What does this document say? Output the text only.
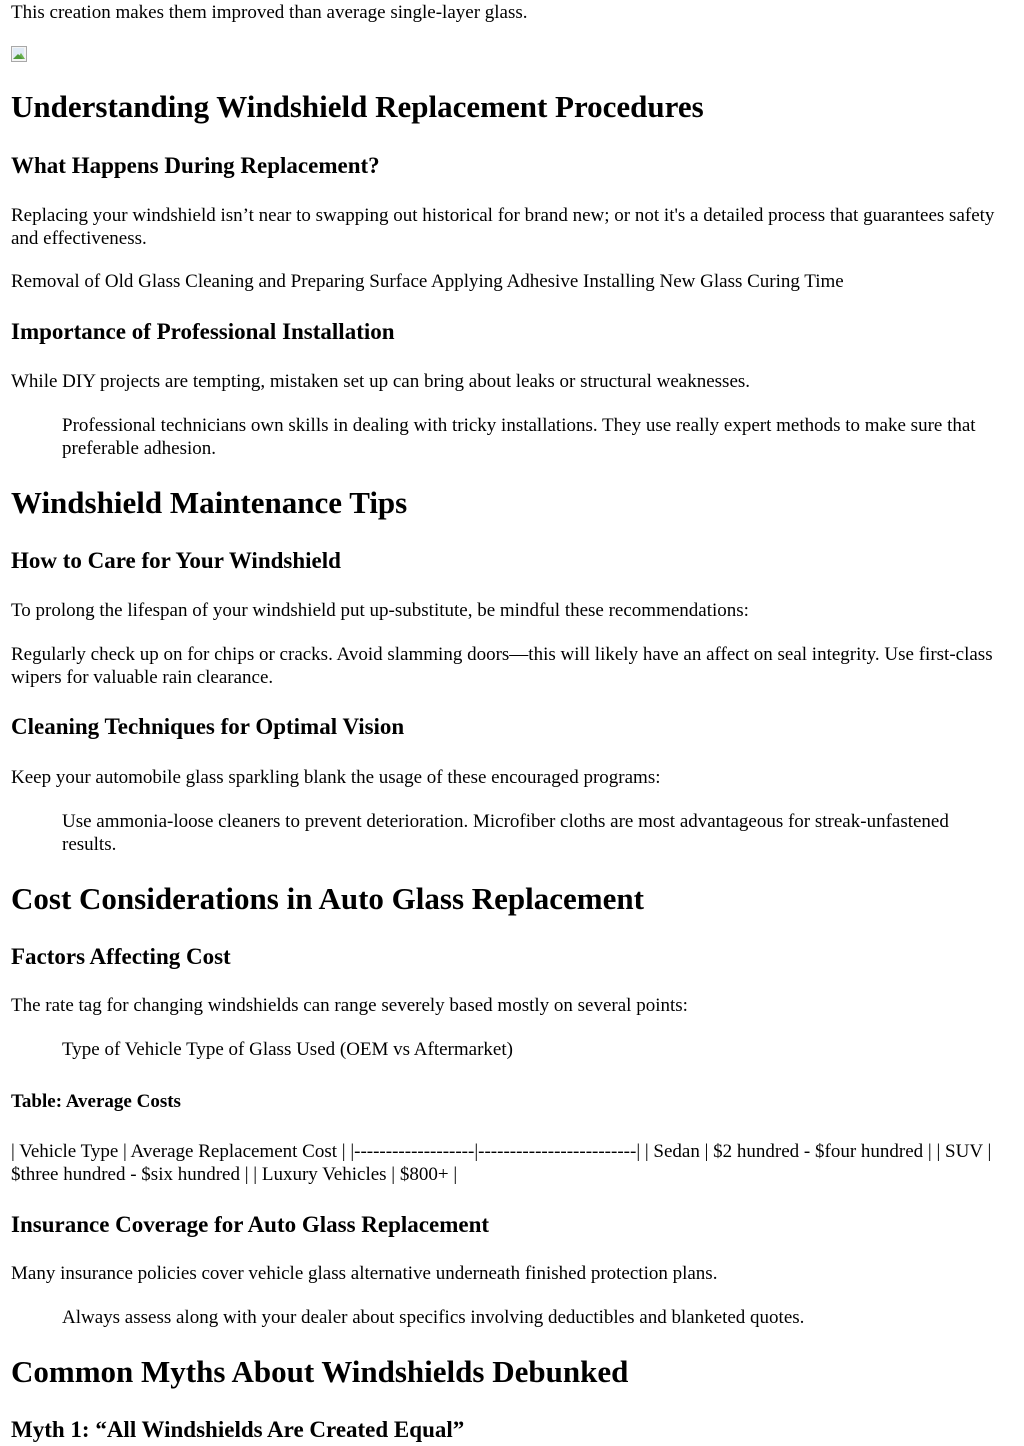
This creation makes them improved than average single-layer glass.

Understanding Windshield Replacement Procedures
What Happens During Replacement?

Replacing your windshield isn’t near to swapping out historical for brand new; or not it's a detailed process that guarantees safety and effectiveness.

Removal of Old Glass Cleaning and Preparing Surface Applying Adhesive Installing New Glass Curing Time

Importance of Professional Installation

While DIY projects are tempting, mistaken set up can bring about leaks or structural weaknesses.

Professional technicians own skills in dealing with tricky installations. They use really expert methods to make sure that preferable adhesion.

Windshield Maintenance Tips
How to Care for Your Windshield

To prolong the lifespan of your windshield put up-substitute, be mindful these recommendations:

Regularly check up on for chips or cracks. Avoid slamming doors—this will likely have an affect on seal integrity. Use first-class wipers for valuable rain clearance.

Cleaning Techniques for Optimal Vision

Keep your automobile glass sparkling blank the usage of these encouraged programs:

Use ammonia-loose cleaners to prevent deterioration. Microfiber cloths are most advantageous for streak-unfastened results.

Cost Considerations in Auto Glass Replacement
Factors Affecting Cost

The rate tag for changing windshields can range severely based mostly on several points:

Type of Vehicle Type of Glass Used (OEM vs Aftermarket)

Table: Average Costs

| Vehicle Type | Average Replacement Cost | |-------------------|-------------------------| | Sedan | $2 hundred - $four hundred | | SUV | $three hundred - $six hundred | | Luxury Vehicles | $800+ |

Insurance Coverage for Auto Glass Replacement

Many insurance policies cover vehicle glass alternative underneath finished protection plans.

Always assess along with your dealer about specifics involving deductibles and blanketed quotes.

Common Myths About Windshields Debunked
Myth 1: “All Windshields Are Created Equal”
